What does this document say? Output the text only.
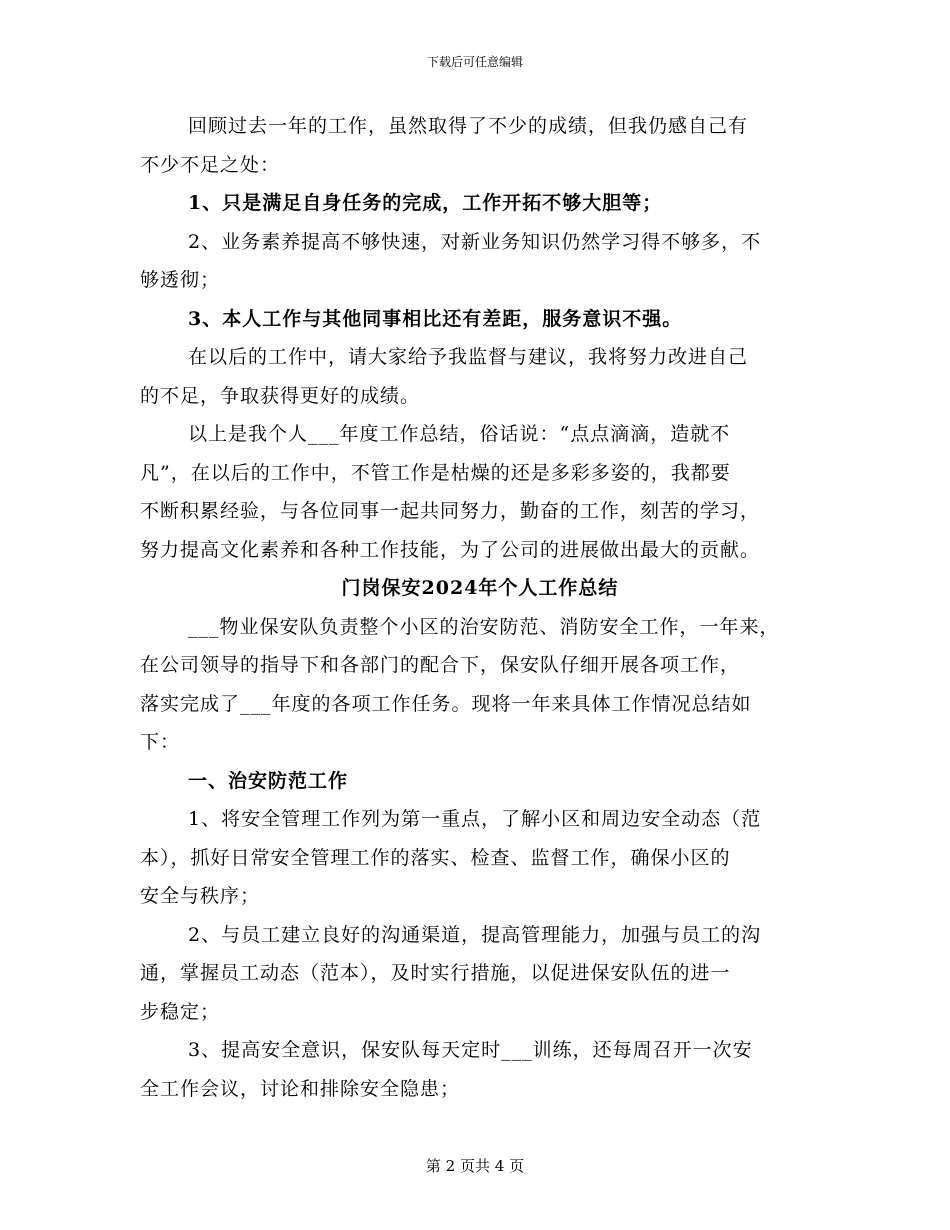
下载后可任意编辑

回顾过去一年的工作，虽然取得了不少的成绩，但我仍感自己有
不少不足之处：

1、只是满足自身任务的完成，工作开拓不够大胆等；

2、业务素养提高不够快速，对新业务知识仍然学习得不够多，不
够透彻；

3、本人工作与其他同事相比还有差距，服务意识不强。

在以后的工作中，请大家给予我监督与建议，我将努力改进自己
的不足，争取获得更好的成绩。

以上是我个人___年度工作总结，俗话说：“点点滴滴，造就不
凡”，在以后的工作中，不管工作是枯燥的还是多彩多姿的，我都要
不断积累经验，与各位同事一起共同努力，勤奋的工作，刻苦的学习，
努力提高文化素养和各种工作技能，为了公司的进展做出最大的贡献。

门岗保安2024年个人工作总结

___物业保安队负责整个小区的治安防范、消防安全工作，一年来，
在公司领导的指导下和各部门的配合下，保安队仔细开展各项工作，
落实完成了___年度的各项工作任务。现将一年来具体工作情况总结如
下：

一、治安防范工作

1、将安全管理工作列为第一重点，了解小区和周边安全动态（范
本），抓好日常安全管理工作的落实、检查、监督工作，确保小区的
安全与秩序；

2、与员工建立良好的沟通渠道，提高管理能力，加强与员工的沟
通，掌握员工动态（范本），及时实行措施，以促进保安队伍的进一
步稳定；

3、提高安全意识，保安队每天定时___训练，还每周召开一次安
全工作会议，讨论和排除安全隐患；

第 2 页共 4 页
